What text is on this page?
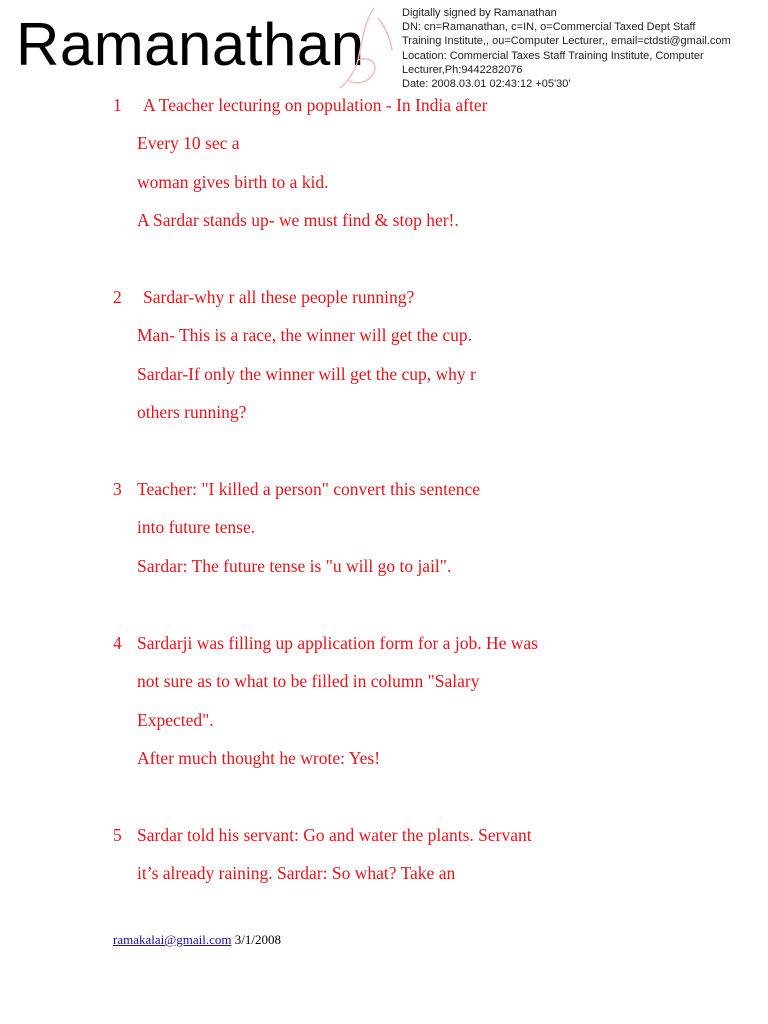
Ramanathan	Digitally signed by Ramanathan
DN: cn=Ramanathan, c=IN, o=Commercial Taxed Dept Staff
Training Institute,, ou=Computer Lecturer,, email=ctdsti@gmail.com
Location: Commercial Taxes Staff Training Institute, Computer
Lecturer,Ph:9442282076
Date: 2008.03.01 02:43:12 +05'30'
1 A Teacher lecturing on population - In India after
Every 10 sec a
woman gives birth to a kid.
A Sardar stands up- we must find & stop her!.
2 Sardar-why r all these people running?
Man- This is a race, the winner will get the cup.
Sardar-If only the winner will get the cup, why r
others running?
3 Teacher: "I killed a person" convert this sentence
into future tense.
Sardar: The future tense is "u will go to jail".
4 Sardarji was filling up application form for a job. He was
not sure as to what to be filled in column "Salary
Expected".
After much thought he wrote: Yes!
5 Sardar told his servant: Go and water the plants. Servant
it’s already raining. Sardar: So what? Take an
ramakalai@gmail.com 3/1/2008
